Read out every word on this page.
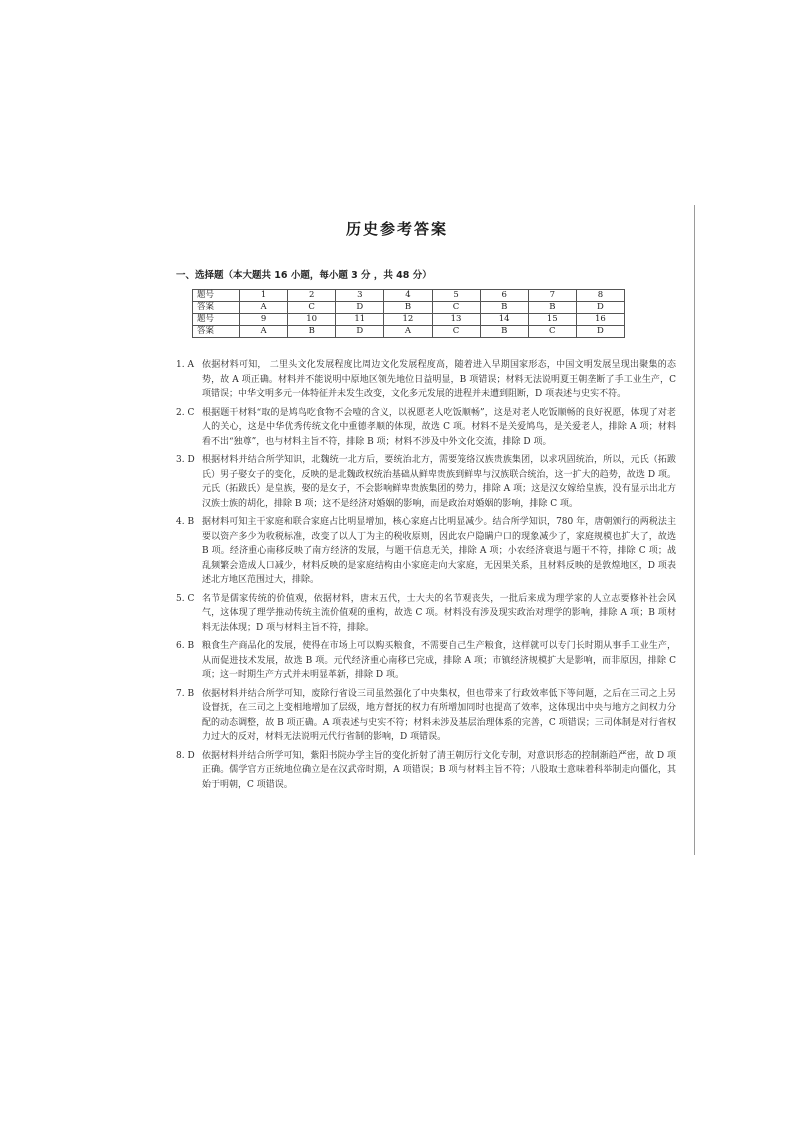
历史参考答案
一、选择题（本大题共 16 小题，每小题 3 分 ，共 48 分）
题号	1	2	3	4	5	6	7	8
答案	A	C	D	B	C	B	B	D
题号	9	10	11	12	13	14	15	16
答案	A	B	D	A	C	B	C	D
1. A 依据材料可知， 二里头文化发展程度比周边文化发展程度高，随着进入早期国家形态，中国文明发展呈现出聚集的态势，故 A 项正确。材料并不能说明中原地区领先地位日益明显，B 项错误；材料无法说明夏王朝垄断了手工业生产，C 项错误；中华文明多元一体特征并未发生改变，文化多元发展的进程并未遭到阻断，D 项表述与史实不符。
2. C 根据题干材料“取的是鸠鸟吃食物不会噎的含义，以祝愿老人吃饭顺畅”，这是对老人吃饭顺畅的良好祝愿，体现了对老人的关心，这是中华优秀传统文化中重德孝顺的体现，故选 C 项。材料不是关爱鸠鸟，是关爱老人，排除 A 项；材料看不出“独尊”，也与材料主旨不符，排除 B 项；材料不涉及中外文化交流，排除 D 项。
3. D 根据材料并结合所学知识，北魏统一北方后，要统治北方，需要笼络汉族贵族集团，以求巩固统治，所以，元氏（拓跋氏）男子娶女子的变化，反映的是北魏政权统治基础从鲜卑贵族到鲜卑与汉族联合统治，这一扩大的趋势，故选 D 项。元氏（拓跋氏）是皇族，娶的是女子，不会影响鲜卑贵族集团的势力，排除 A 项；这是汉女嫁给皇族，没有显示出北方汉族士族的胡化，排除 B 项；这不是经济对婚姻的影响，而是政治对婚姻的影响，排除 C 项。
4. B 据材料可知主干家庭和联合家庭占比明显增加，核心家庭占比明显减少。结合所学知识，780 年，唐朝颁行的两税法主要以资产多少为收税标准，改变了以人丁为主的税收原则，因此农户隐瞒户口的现象减少了，家庭规模也扩大了，故选 B 项。经济重心南移反映了南方经济的发展，与题干信息无关，排除 A 项；小农经济衰退与题干不符，排除 C 项；战乱频繁会造成人口减少，材料反映的是家庭结构由小家庭走向大家庭，无因果关系，且材料反映的是敦煌地区，D 项表述北方地区范围过大，排除。
5. C 名节是儒家传统的价值观，依据材料，唐末五代，士大夫的名节观丧失，一批后来成为理学家的人立志要修补社会风气，这体现了理学推动传统主流价值观的重构，故选 C 项。材料没有涉及现实政治对理学的影响，排除 A 项；B 项材料无法体现；D 项与材料主旨不符，排除。
6. B 粮食生产商品化的发展，使得在市场上可以购买粮食，不需要自己生产粮食，这样就可以专门长时期从事手工业生产，从而促进技术发展，故选 B 项。元代经济重心南移已完成，排除 A 项；市镇经济规模扩大是影响，而非原因，排除 C 项；这一时期生产方式并未明显革新，排除 D 项。
7. B 依据材料并结合所学可知，废除行省设三司虽然强化了中央集权，但也带来了行政效率低下等问题，之后在三司之上另设督抚，在三司之上变相地增加了层级，地方督抚的权力有所增加同时也提高了效率，这体现出中央与地方之间权力分配的动态调整，故 B 项正确。A 项表述与史实不符；材料未涉及基层治理体系的完善，C 项错误；三司体制是对行省权力过大的反对，材料无法说明元代行省制的影响，D 项错误。
8. D 依据材料并结合所学可知，紫阳书院办学主旨的变化折射了清王朝厉行文化专制，对意识形态的控制渐趋严密，故 D 项正确。儒学官方正统地位确立是在汉武帝时期，A 项错误；B 项与材料主旨不符；八股取士意味着科举制走向僵化，其始于明朝，C 项错误。
